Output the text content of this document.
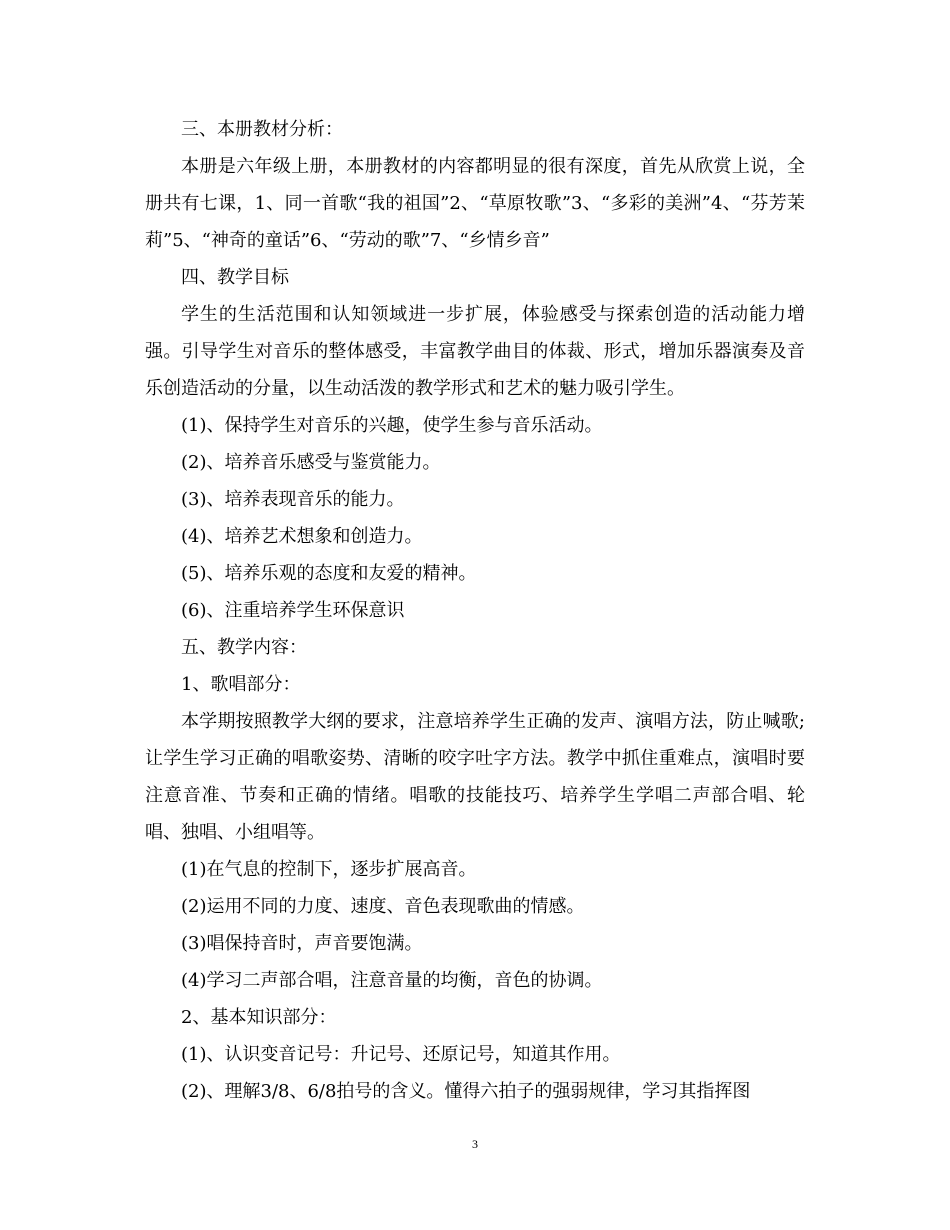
三、本册教材分析：

本册是六年级上册，本册教材的内容都明显的很有深度，首先从欣赏上说，全册共有七课，1、同一首歌“我的祖国”2、“草原牧歌”3、“多彩的美洲”4、“芬芳茉莉”5、“神奇的童话”6、“劳动的歌”7、“乡情乡音”

四、教学目标

学生的生活范围和认知领域进一步扩展，体验感受与探索创造的活动能力增强。引导学生对音乐的整体感受，丰富教学曲目的体裁、形式，增加乐器演奏及音乐创造活动的分量，以生动活泼的教学形式和艺术的魅力吸引学生。

(1)、保持学生对音乐的兴趣，使学生参与音乐活动。

(2)、培养音乐感受与鉴赏能力。

(3)、培养表现音乐的能力。

(4)、培养艺术想象和创造力。

(5)、培养乐观的态度和友爱的精神。

(6)、注重培养学生环保意识

五、教学内容：

1、歌唱部分：

本学期按照教学大纲的要求，注意培养学生正确的发声、演唱方法，防止喊歌;让学生学习正确的唱歌姿势、清晰的咬字吐字方法。教学中抓住重难点，演唱时要注意音准、节奏和正确的情绪。唱歌的技能技巧、培养学生学唱二声部合唱、轮唱、独唱、小组唱等。

(1)在气息的控制下，逐步扩展高音。

(2)运用不同的力度、速度、音色表现歌曲的情感。

(3)唱保持音时，声音要饱满。

(4)学习二声部合唱，注意音量的均衡，音色的协调。

2、基本知识部分：

(1)、认识变音记号：升记号、还原记号，知道其作用。

(2)、理解3/8、6/8拍号的含义。懂得六拍子的强弱规律，学习其指挥图

3
